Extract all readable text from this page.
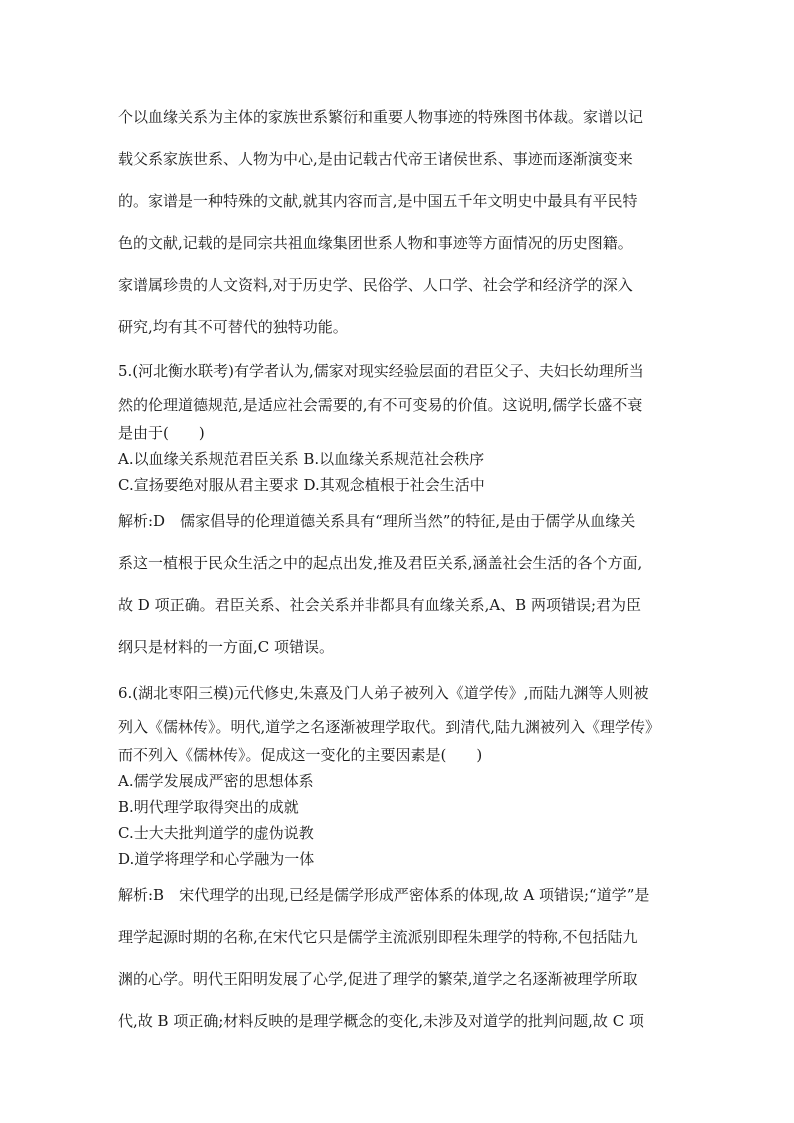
个以血缘关系为主体的家族世系繁衍和重要人物事迹的特殊图书体裁。家谱以记
载父系家族世系、人物为中心,是由记载古代帝王诸侯世系、事迹而逐渐演变来
的。家谱是一种特殊的文献,就其内容而言,是中国五千年文明史中最具有平民特
色的文献,记载的是同宗共祖血缘集团世系人物和事迹等方面情况的历史图籍。
家谱属珍贵的人文资料,对于历史学、民俗学、人口学、社会学和经济学的深入
研究,均有其不可替代的独特功能。

5.(河北衡水联考)有学者认为,儒家对现实经验层面的君臣父子、夫妇长幼理所当
然的伦理道德规范,是适应社会需要的,有不可变易的价值。这说明,儒学长盛不衰
是由于(　　)
A.以血缘关系规范君臣关系 B.以血缘关系规范社会秩序
C.宣扬要绝对服从君主要求 D.其观念植根于社会生活中

解析:D　儒家倡导的伦理道德关系具有“理所当然”的特征,是由于儒学从血缘关
系这一植根于民众生活之中的起点出发,推及君臣关系,涵盖社会生活的各个方面,
故 D 项正确。君臣关系、社会关系并非都具有血缘关系,A、B 两项错误;君为臣
纲只是材料的一方面,C 项错误。

6.(湖北枣阳三模)元代修史,朱熹及门人弟子被列入《道学传》,而陆九渊等人则被
列入《儒林传》。明代,道学之名逐渐被理学取代。到清代,陆九渊被列入《理学传》
而不列入《儒林传》。促成这一变化的主要因素是(　　)
A.儒学发展成严密的思想体系
B.明代理学取得突出的成就
C.士大夫批判道学的虚伪说教
D.道学将理学和心学融为一体

解析:B　宋代理学的出现,已经是儒学形成严密体系的体现,故 A 项错误;“道学”是
理学起源时期的名称,在宋代它只是儒学主流派别即程朱理学的特称,不包括陆九
渊的心学。明代王阳明发展了心学,促进了理学的繁荣,道学之名逐渐被理学所取
代,故 B 项正确;材料反映的是理学概念的变化,未涉及对道学的批判问题,故 C 项
